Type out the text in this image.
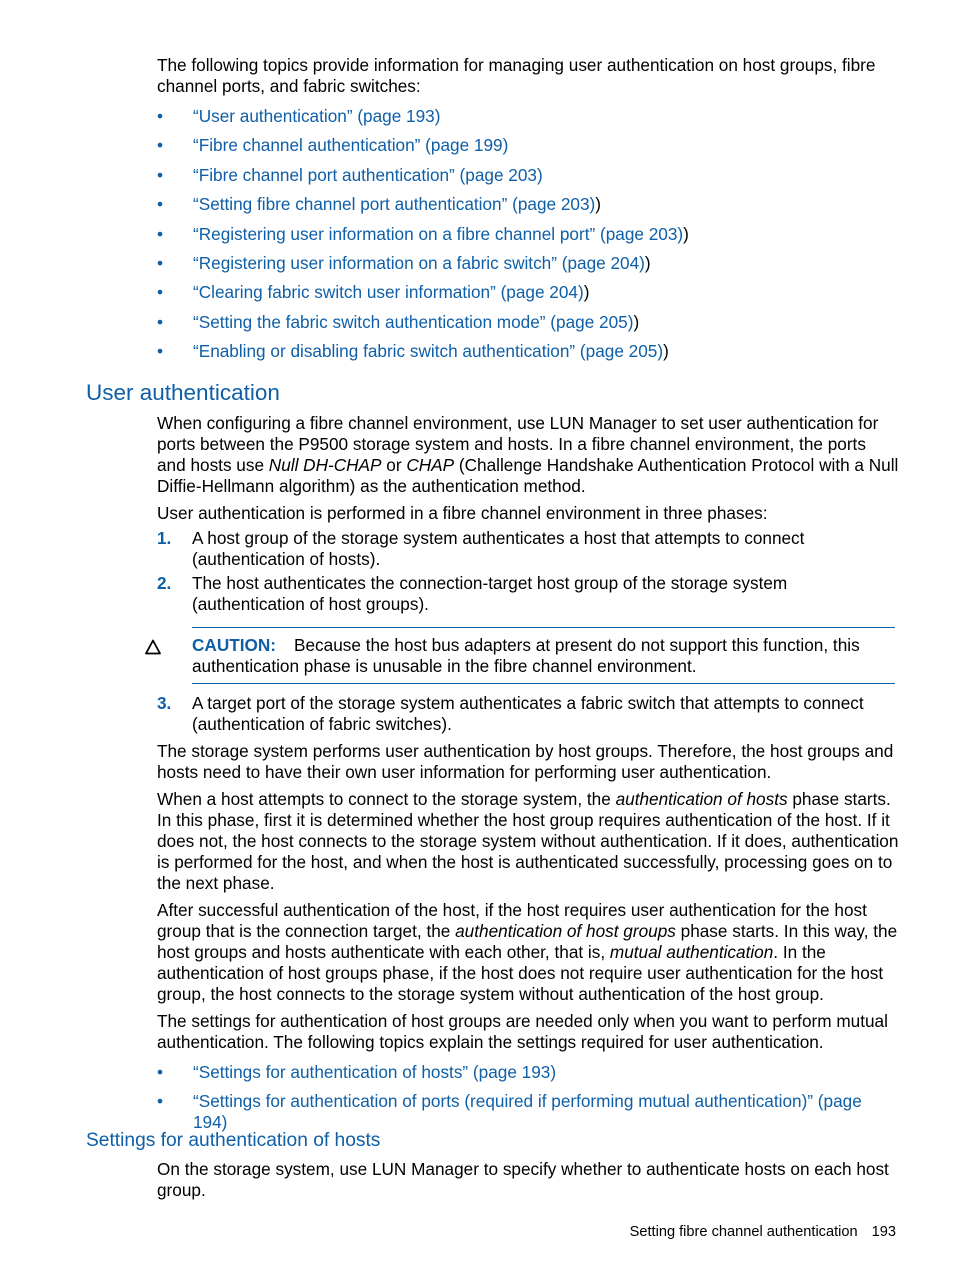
The following topics provide information for managing user authentication on host groups, fibre channel ports, and fabric switches:

• “User authentication” (page 193)
• “Fibre channel authentication” (page 199)
• “Fibre channel port authentication” (page 203)
• “Setting fibre channel port authentication” (page 203))
• “Registering user information on a fibre channel port” (page 203))
• “Registering user information on a fabric switch” (page 204))
• “Clearing fabric switch user information” (page 204))
• “Setting the fabric switch authentication mode” (page 205))
• “Enabling or disabling fabric switch authentication” (page 205))
User authentication

When configuring a fibre channel environment, use LUN Manager to set user authentication for ports between the P9500 storage system and hosts. In a fibre channel environment, the ports and hosts use Null DH-CHAP or CHAP (Challenge Handshake Authentication Protocol with a Null Diffie-Hellmann algorithm) as the authentication method.

User authentication is performed in a fibre channel environment in three phases:

1. A host group of the storage system authenticates a host that attempts to connect (authentication of hosts).
2. The host authenticates the connection-target host group of the storage system (authentication of host groups).
CAUTION: Because the host bus adapters at present do not support this function, this authentication phase is unusable in the fibre channel environment.
3. A target port of the storage system authenticates a fabric switch that attempts to connect (authentication of fabric switches).

The storage system performs user authentication by host groups. Therefore, the host groups and hosts need to have their own user information for performing user authentication.

When a host attempts to connect to the storage system, the authentication of hosts phase starts. In this phase, first it is determined whether the host group requires authentication of the host. If it does not, the host connects to the storage system without authentication. If it does, authentication is performed for the host, and when the host is authenticated successfully, processing goes on to the next phase.

After successful authentication of the host, if the host requires user authentication for the host group that is the connection target, the authentication of host groups phase starts. In this way, the host groups and hosts authenticate with each other, that is, mutual authentication. In the authentication of host groups phase, if the host does not require user authentication for the host group, the host connects to the storage system without authentication of the host group.

The settings for authentication of host groups are needed only when you want to perform mutual authentication. The following topics explain the settings required for user authentication.

• “Settings for authentication of hosts” (page 193)
• “Settings for authentication of ports (required if performing mutual authentication)” (page 194)
Settings for authentication of hosts

On the storage system, use LUN Manager to specify whether to authenticate hosts on each host group.

Setting fibre channel authentication 193
